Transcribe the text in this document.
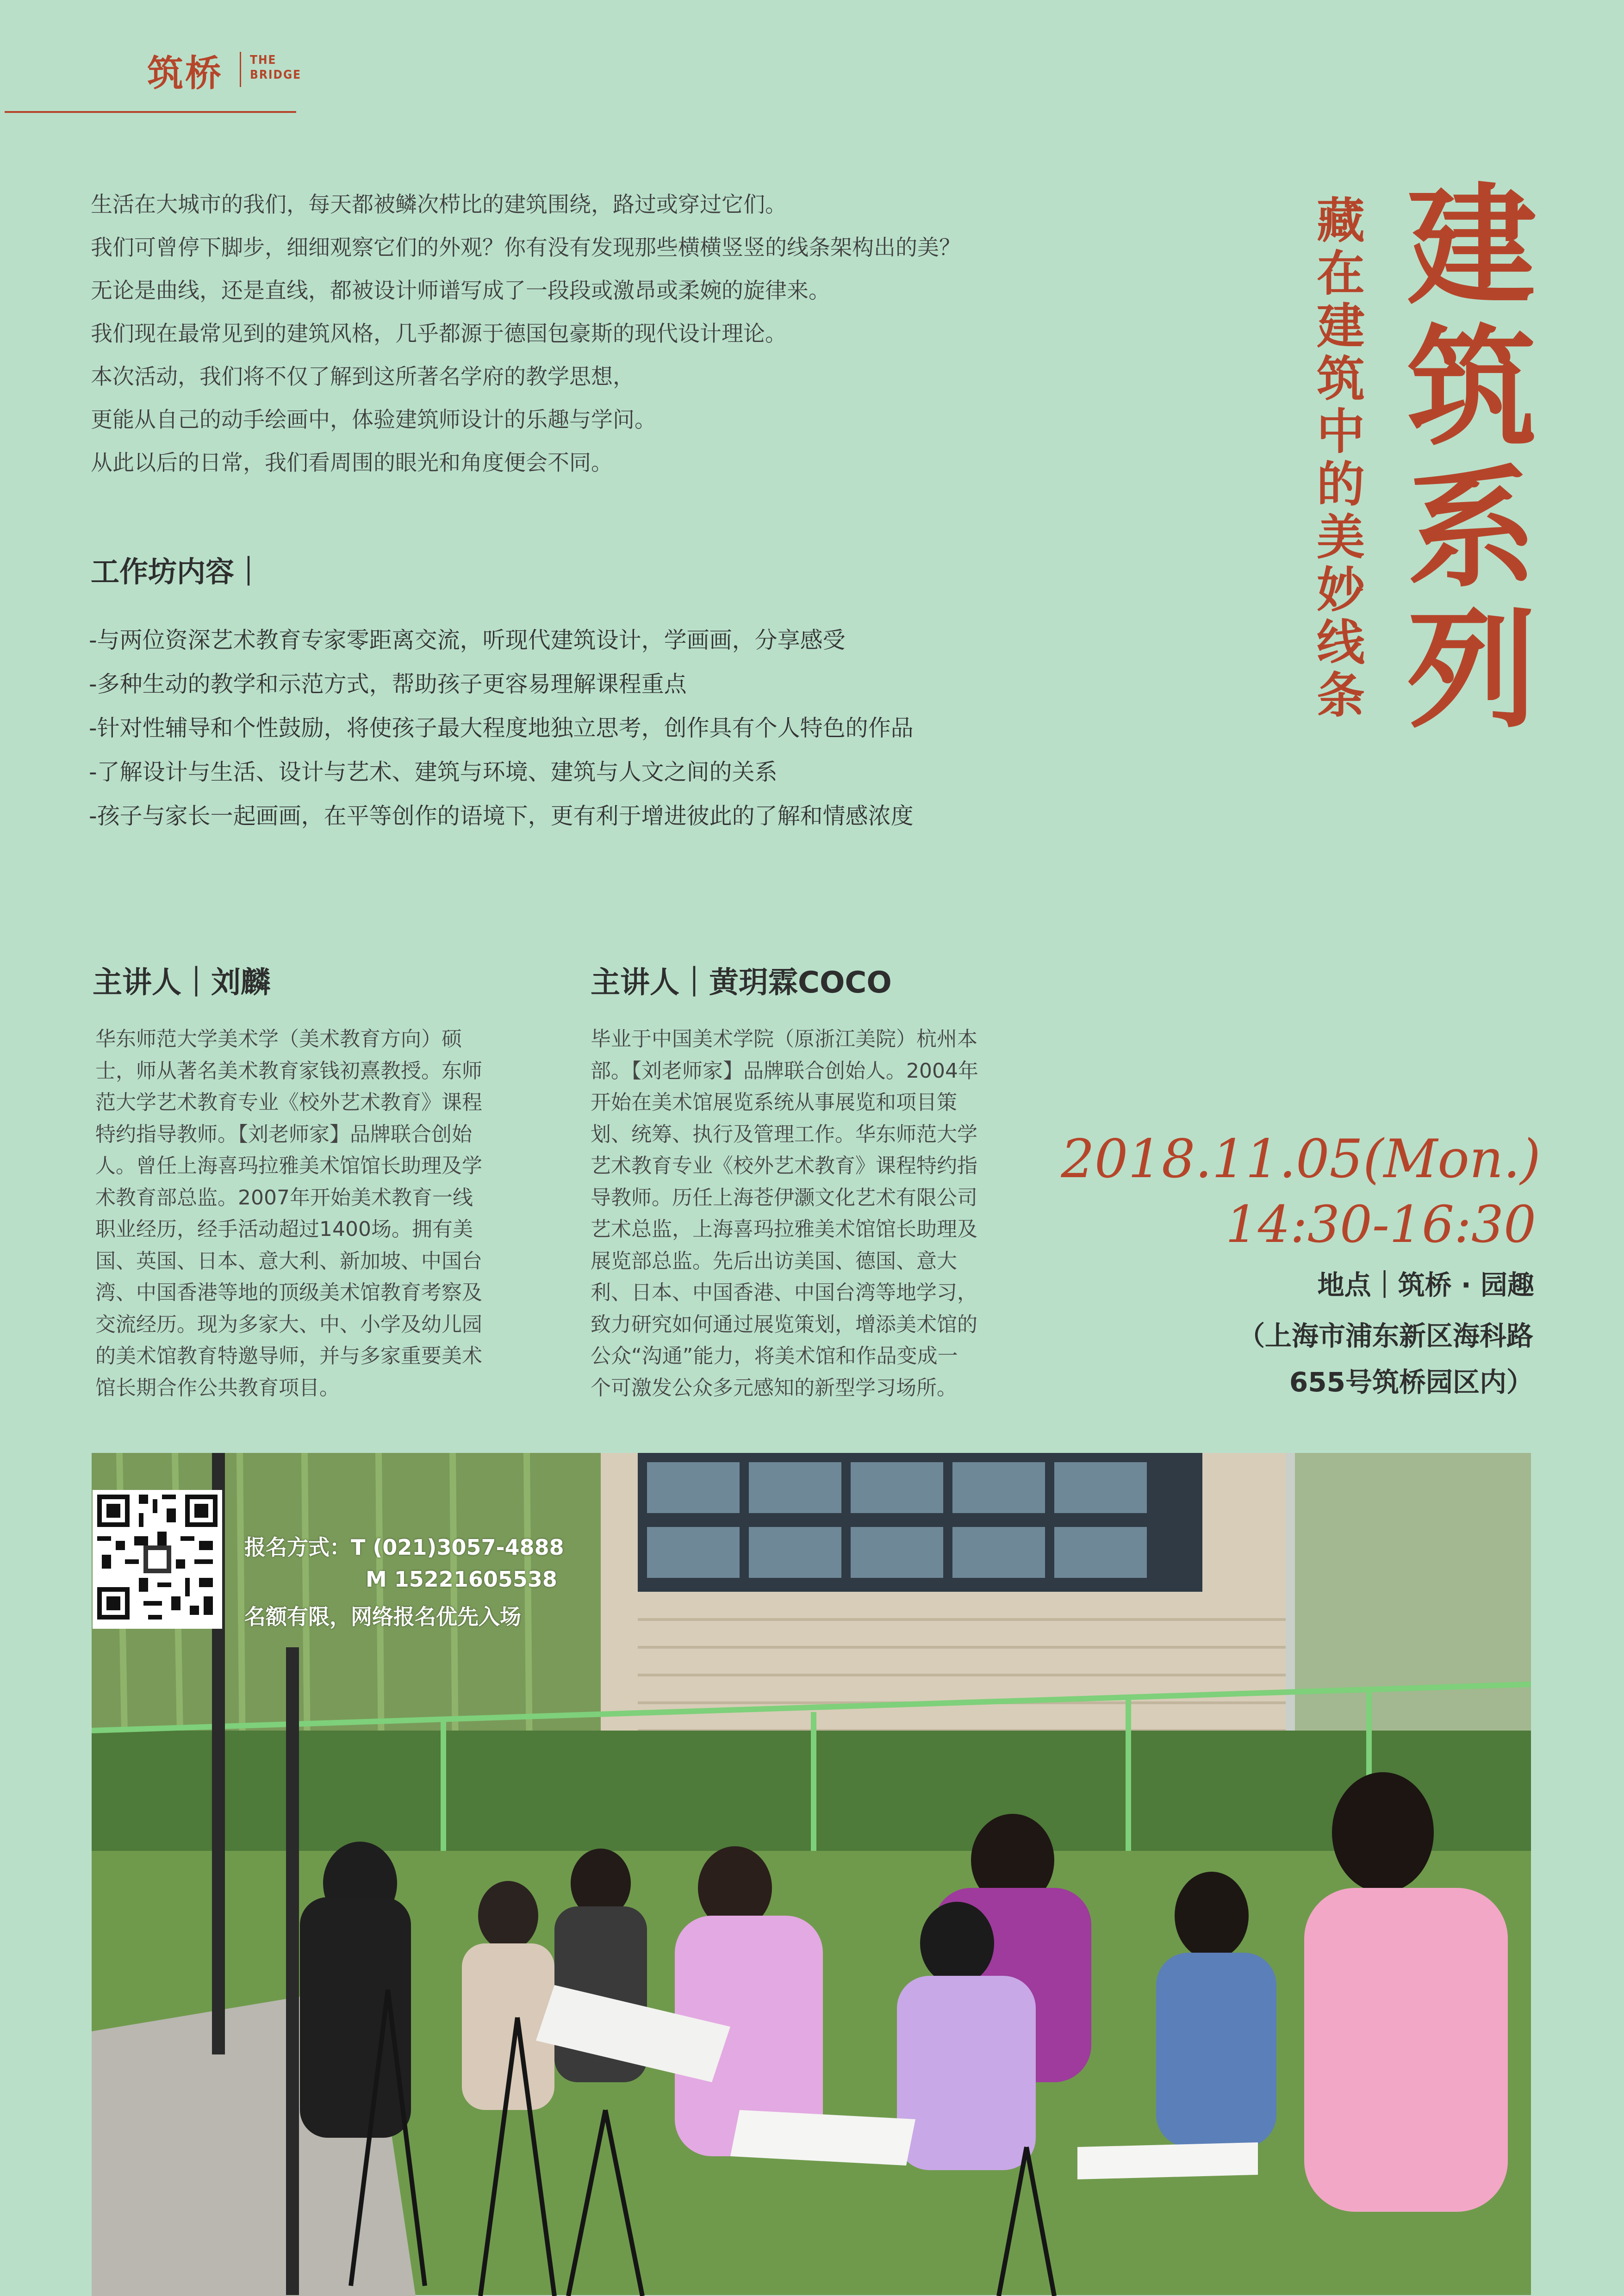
筑桥 THE
BRIDGE
建
筑
系
列
藏
在
建
筑
中
的
美
妙
线
条
生活在大城市的我们，每天都被鳞次栉比的建筑围绕，路过或穿过它们。
我们可曾停下脚步，细细观察它们的外观？你有没有发现那些横横竖竖的线条架构出的美？
无论是曲线，还是直线，都被设计师谱写成了一段段或激昂或柔婉的旋律来。
我们现在最常见到的建筑风格，几乎都源于德国包豪斯的现代设计理论。
本次活动，我们将不仅了解到这所著名学府的教学思想，
更能从自己的动手绘画中，体验建筑师设计的乐趣与学问。
从此以后的日常，我们看周围的眼光和角度便会不同。
工作坊内容｜
-与两位资深艺术教育专家零距离交流，听现代建筑设计，学画画，分享感受
-多种生动的教学和示范方式，帮助孩子更容易理解课程重点
-针对性辅导和个性鼓励，将使孩子最大程度地独立思考，创作具有个人特色的作品
-了解设计与生活、设计与艺术、建筑与环境、建筑与人文之间的关系
-孩子与家长一起画画，在平等创作的语境下，更有利于增进彼此的了解和情感浓度
主讲人｜刘麟	主讲人｜黄玥霖COCO
华东师范大学美术学（美术教育方向）硕
士，师从著名美术教育家钱初熹教授。东师
范大学艺术教育专业《校外艺术教育》课程
特约指导教师。【刘老师家】品牌联合创始
人。曾任上海喜玛拉雅美术馆馆长助理及学
术教育部总监。2007年开始美术教育一线
职业经历，经手活动超过1400场。拥有美
国、英国、日本、意大利、新加坡、中国台
湾、中国香港等地的顶级美术馆教育考察及
交流经历。现为多家大、中、小学及幼儿园
的美术馆教育特邀导师，并与多家重要美术
馆长期合作公共教育项目。
毕业于中国美术学院（原浙江美院）杭州本
部。【刘老师家】品牌联合创始人。2004年
开始在美术馆展览系统从事展览和项目策
划、统筹、执行及管理工作。华东师范大学
艺术教育专业《校外艺术教育》课程特约指
导教师。历任上海苍伊灏文化艺术有限公司
艺术总监，上海喜玛拉雅美术馆馆长助理及
展览部总监。先后出访美国、德国、意大
利、日本、中国香港、中国台湾等地学习，
致力研究如何通过展览策划，增添美术馆的
公众“沟通”能力，将美术馆和作品变成一
个可激发公众多元感知的新型学习场所。
2018.11.05(Mon.)
14:30-16:30
地点｜筑桥 · 园趣
（上海市浦东新区海科路
655号筑桥园区内）
报名方式：T (021)3057-4888
M 15221605538
名额有限，网络报名优先入场
